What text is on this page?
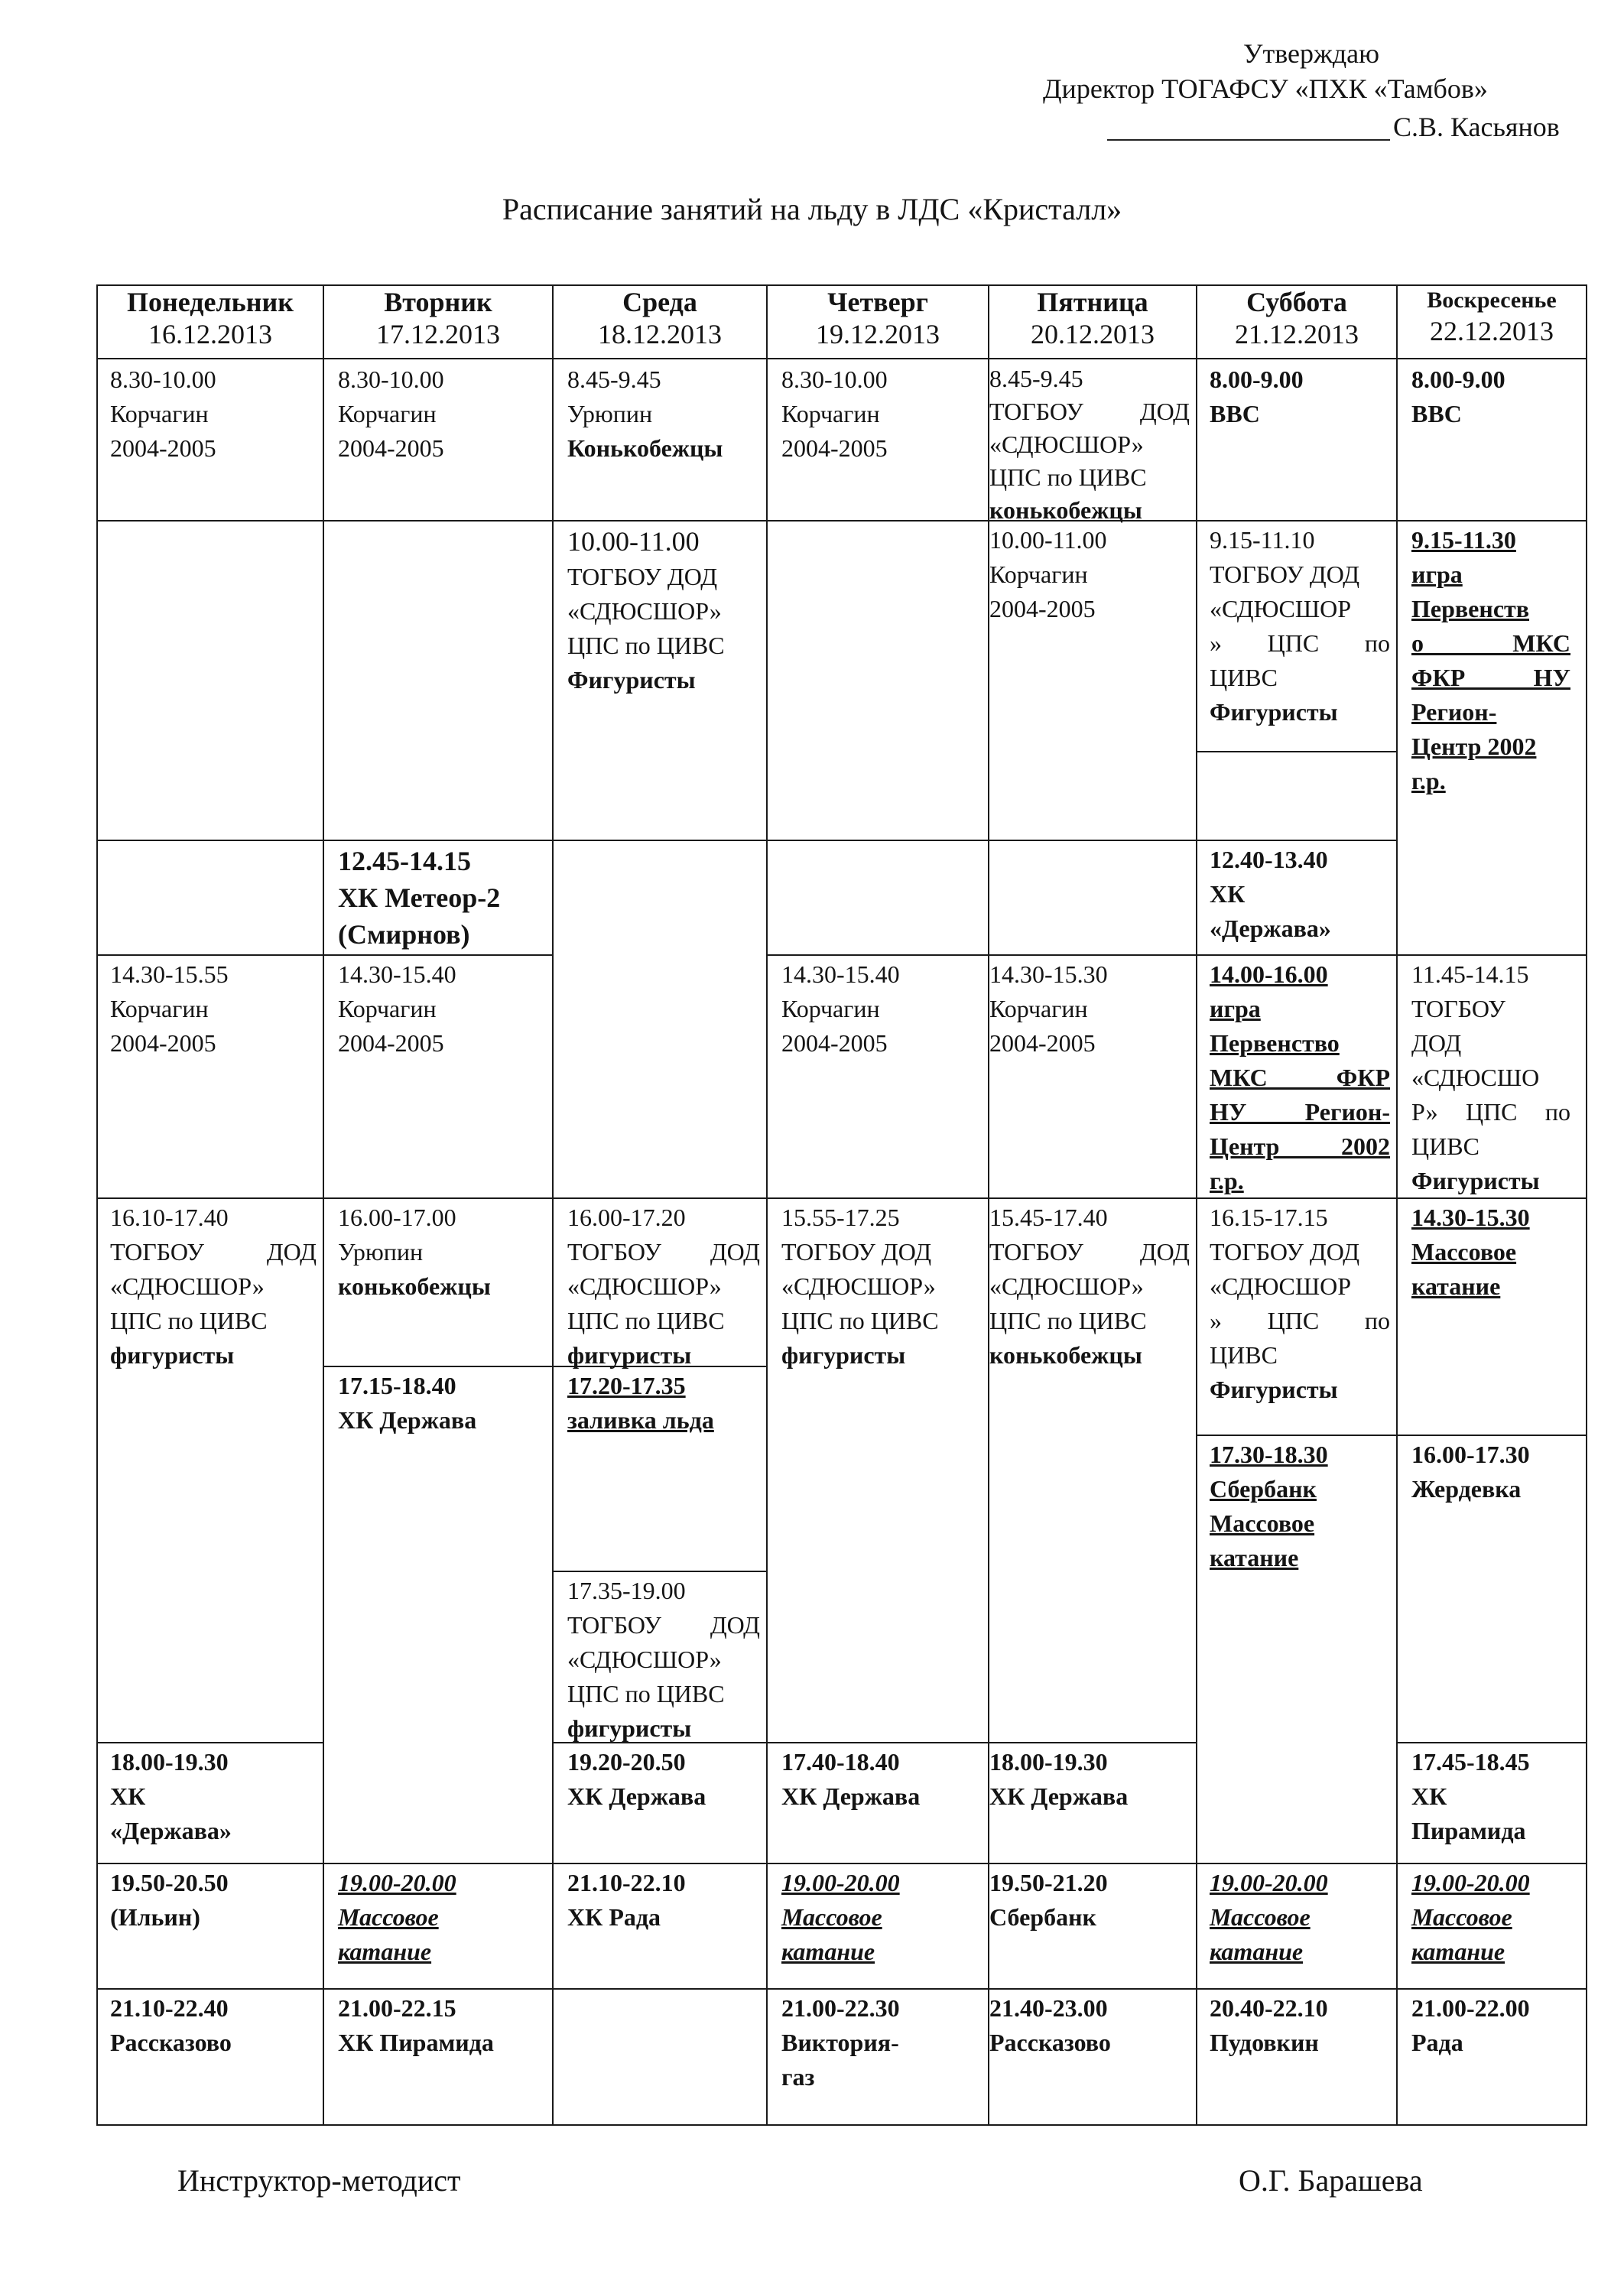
Утверждаю
Директор ТОГАФСУ «ПХК «Тамбов»
С.В. Касьянов
Расписание занятий на льду в ЛДС «Кристалл»
Понедельник
16.12.2013
Вторник
17.12.2013
Среда
18.12.2013
Четверг
19.12.2013
Пятница
20.12.2013
Суббота
21.12.2013
Воскресенье
22.12.2013
8.30-10.00
Корчагин
2004-2005
14.30-15.55
Корчагин
2004-2005
16.10-17.40
ТОГБОУ ДОД
«СДЮСШОР»
ЦПС по ЦИВС
фигуристы
18.00-19.30
ХК
«Держава»
19.50-20.50
(Ильин)
21.10-22.40
Рассказово
8.30-10.00
Корчагин
2004-2005
12.45-14.15
ХК Метеор-2
(Смирнов)
14.30-15.40
Корчагин
2004-2005
16.00-17.00
Урюпин
конькобежцы
17.15-18.40
ХК Держава
19.00-20.00
Массовое
катание
21.00-22.15
ХК Пирамида
8.45-9.45
Урюпин
Конькобежцы
10.00-11.00
ТОГБОУ ДОД
«СДЮСШОР»
ЦПС по ЦИВС
Фигуристы
16.00-17.20
ТОГБОУ ДОД
«СДЮСШОР»
ЦПС по ЦИВС
фигуристы
17.20-17.35
заливка льда
17.35-19.00
ТОГБОУ ДОД
«СДЮСШОР»
ЦПС по ЦИВС
фигуристы
19.20-20.50
ХК Держава
21.10-22.10
ХК Рада
8.30-10.00
Корчагин
2004-2005
14.30-15.40
Корчагин
2004-2005
15.55-17.25
ТОГБОУ ДОД
«СДЮСШОР»
ЦПС по ЦИВС
фигуристы
17.40-18.40
ХК Держава
19.00-20.00
Массовое
катание
21.00-22.30
Виктория-
газ
8.45-9.45
ТОГБОУ ДОД
«СДЮСШОР»
ЦПС по ЦИВС
конькобежцы
10.00-11.00
Корчагин
2004-2005
14.30-15.30
Корчагин
2004-2005
15.45-17.40
ТОГБОУ ДОД
«СДЮСШОР»
ЦПС по ЦИВС
конькобежцы
18.00-19.30
ХК Держава
19.50-21.20
Сбербанк
21.40-23.00
Рассказово
8.00-9.00
ВВС
9.15-11.10
ТОГБОУ ДОД
«СДЮСШОР
» ЦПС по
ЦИВС
Фигуристы
12.40-13.40
ХК
«Держава»
14.00-16.00
игра
Первенство
МКС ФКР
НУ Регион-
Центр 2002
г.р.
16.15-17.15
ТОГБОУ ДОД
«СДЮСШОР
» ЦПС по
ЦИВС
Фигуристы
17.30-18.30
Сбербанк
Массовое
катание
19.00-20.00
Массовое
катание
20.40-22.10
Пудовкин
8.00-9.00
ВВС
9.15-11.30
игра
Первенств
о МКС
ФКР НУ
Регион-
Центр 2002
г.р.
11.45-14.15
ТОГБОУ
ДОД
«СДЮСШО
Р» ЦПС по
ЦИВС
Фигуристы
14.30-15.30
Массовое
катание
16.00-17.30
Жердевка
17.45-18.45
ХК
Пирамида
19.00-20.00
Массовое
катание
21.00-22.00
Рада
Инструктор-методист	О.Г. Барашева
